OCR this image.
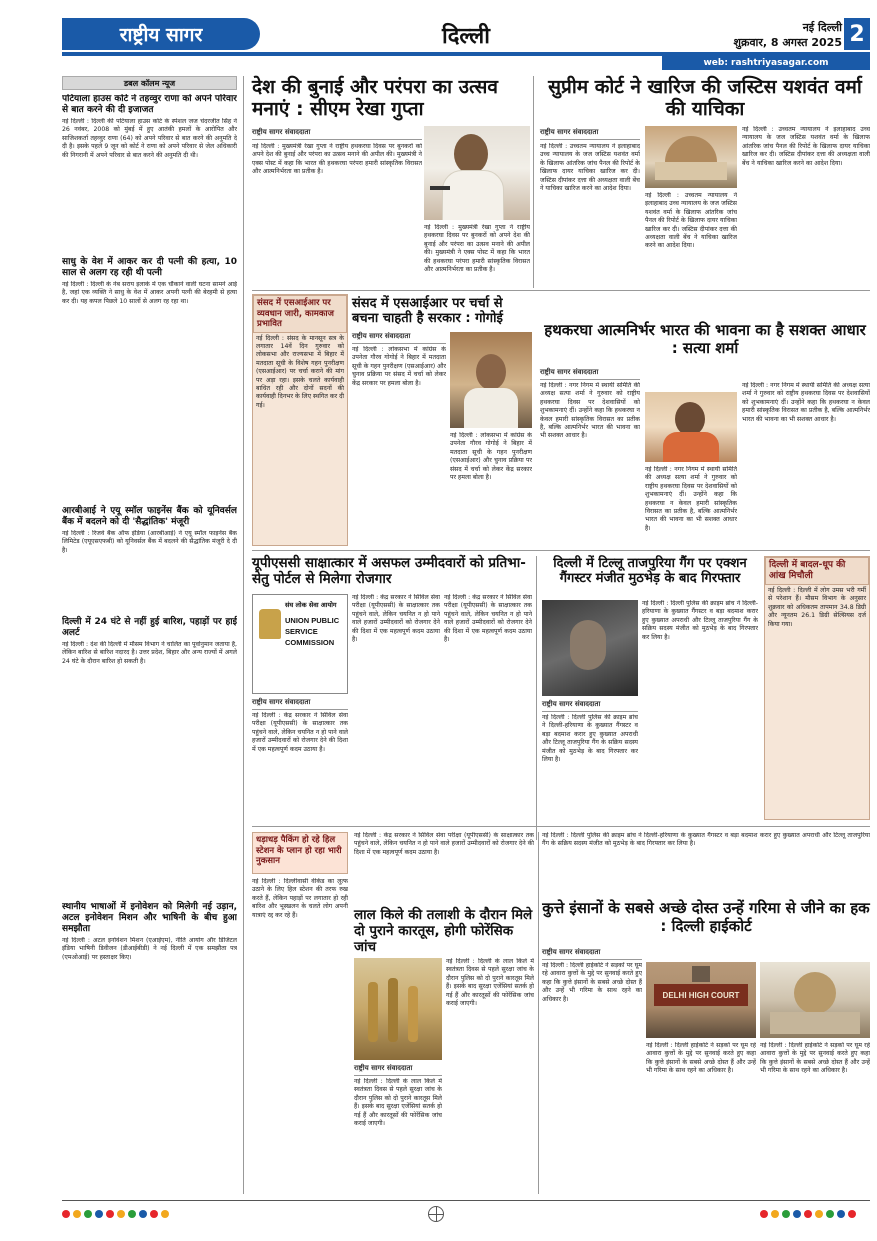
राष्ट्रीय सागर	दिल्ली	नई दिल्ली
शुक्रवार, 8 अगस्त 2025 2
web: rashtriyasagar.com
डबल कॉलम न्यूज
पटियाला हाउस कोर्ट ने तहव्वुर राणा को अपने परिवार से बात करने की दी इजाजत
नई दिल्ली : दिल्ली की पटियाला हाउस कोर्ट के स्पेशल जज चंदरजीत सिंह ने 26 नवंबर, 2008 को मुंबई में हुए आतंकी हमलों के आरोपित और साजिशकर्ता तहव्वुर राणा (64) को अपने परिवार से बात करने की अनुमति दे दी है। इसके पहले 9 जून को कोर्ट ने राणा को अपने परिवार से जेल अधिकारी की निगरानी में अपने परिवार से बात करने की अनुमति दी थी।
साधु के वेश में आकर कर दी पत्नी की हत्या, 10 साल से अलग रह रही थी पत्नी
नई दिल्ली : दिल्ली के नेब सराय इलाके में एक चौंकाने वाली घटना सामने आई है, जहां एक व्यक्ति ने साधु के वेश में आकर अपनी पत्नी की बेरहमी से हत्या कर दी। यह कपल पिछले 10 सालों से अलग रह रहा था।
आरबीआई ने एयू स्मॉल फाइनेंस बैंक को यूनिवर्सल बैंक में बदलने को दी 'सैद्धांतिक' मंजूरी
नई दिल्ली : रिजर्व बैंक ऑफ इंडिया (आरबीआई) ने एयू स्मॉल फाइनेंस बैंक लिमिटेड (एयूएसएफबी) को यूनिवर्सल बैंक में बदलने की सैद्धांतिक मंजूरी दे दी है।
दिल्ली में 24 घंटे से नहीं हुई बारिश, पहाड़ों पर हाई अलर्ट
नई दिल्ली : देश की दिल्ली में मौसम विभाग ने चालित का पूर्वानुमान जताया है, लेकिन बारिश से बारिश नदारद है। उत्तर प्रदेश, बिहार और अन्य राज्यों में अगले 24 घंटे के दौरान बारिश हो सकती है।
स्थानीय भाषाओं में इनोवेशन को मिलेगी नई उड़ान, अटल इनोवेशन मिशन और भाषिनी के बीच हुआ समझौता
नई दिल्ली : अटल इनोवेशन मिशन (एआईएम), नीति आयोग और डिजिटल इंडिया भाषिनी डिवीजन (डीआईबीडी) ने नई दिल्ली में एक समझौता पत्र (एमओआई) पर हस्ताक्षर किए।
देश की बुनाई और परंपरा का उत्सव मनाएं : सीएम रेखा गुप्ता
राष्ट्रीय सागर संवाददाता
नई दिल्ली : मुख्यमंत्री रेखा गुप्ता ने राष्ट्रीय हथकरघा दिवस पर बुनकरों को अपने देश की बुनाई और परंपरा का उत्सव मनाने की अपील की। मुख्यमंत्री ने एक्स पोस्ट में कहा कि भारत की हथकरघा परंपरा हमारी सांस्कृतिक विरासत और आत्मनिर्भरता का प्रतीक है।
नई दिल्ली : मुख्यमंत्री रेखा गुप्ता ने राष्ट्रीय हथकरघा दिवस पर बुनकरों को अपने देश की बुनाई और परंपरा का उत्सव मनाने की अपील की। मुख्यमंत्री ने एक्स पोस्ट में कहा कि भारत की हथकरघा परंपरा हमारी सांस्कृतिक विरासत और आत्मनिर्भरता का प्रतीक है।
सुप्रीम कोर्ट ने खारिज की जस्टिस यशवंत वर्मा की याचिका
राष्ट्रीय सागर संवाददाता
नई दिल्ली : उच्चतम न्यायालय ने इलाहाबाद उच्च न्यायालय के जज जस्टिस यशवंत वर्मा के खिलाफ आंतरिक जांच पैनल की रिपोर्ट के खिलाफ दायर याचिका खारिज कर दी। जस्टिस दीपांकर दत्ता की अध्यक्षता वाली बेंच ने याचिका खारिज करने का आदेश दिया।
नई दिल्ली : उच्चतम न्यायालय ने इलाहाबाद उच्च न्यायालय के जज जस्टिस यशवंत वर्मा के खिलाफ आंतरिक जांच पैनल की रिपोर्ट के खिलाफ दायर याचिका खारिज कर दी। जस्टिस दीपांकर दत्ता की अध्यक्षता वाली बेंच ने याचिका खारिज करने का आदेश दिया।
नई दिल्ली : उच्चतम न्यायालय ने इलाहाबाद उच्च न्यायालय के जज जस्टिस यशवंत वर्मा के खिलाफ आंतरिक जांच पैनल की रिपोर्ट के खिलाफ दायर याचिका खारिज कर दी। जस्टिस दीपांकर दत्ता की अध्यक्षता वाली बेंच ने याचिका खारिज करने का आदेश दिया।
संसद में एसआईआर पर व्यवधान जारी, कामकाज प्रभावित
नई दिल्ली : संसद के मानसून सत्र के लगातार 14वें दिन गुरुवार को लोकसभा और राज्यसभा में बिहार में मतदाता सूची के विशेष गहन पुनरीक्षण (एसआईआर) पर चर्चा कराने की मांग पर अड़ा रहा। इसके चलते कार्यवाही बाधित रही और दोनों सदनों की कार्यवाही दिनभर के लिए स्थगित कर दी गई।
संसद में एसआईआर पर चर्चा से बचना चाहती है सरकार : गोगोई
राष्ट्रीय सागर संवाददाता
नई दिल्ली : लोकसभा में कांग्रेस के उपनेता गौरव गोगोई ने बिहार में मतदाता सूची के गहन पुनरीक्षण (एसआईआर) और चुनाव प्रक्रिया पर संसद में चर्चा को लेकर केंद्र सरकार पर हमला बोला है।
नई दिल्ली : लोकसभा में कांग्रेस के उपनेता गौरव गोगोई ने बिहार में मतदाता सूची के गहन पुनरीक्षण (एसआईआर) और चुनाव प्रक्रिया पर संसद में चर्चा को लेकर केंद्र सरकार पर हमला बोला है।
हथकरघा आत्मनिर्भर भारत की भावना का है सशक्त आधार : सत्या शर्मा
राष्ट्रीय सागर संवाददाता
नई दिल्ली : नगर निगम में स्थायी समिति की अध्यक्ष सत्या शर्मा ने गुरुवार को राष्ट्रीय हथकरघा दिवस पर देशवासियों को शुभकामनाएं दीं। उन्होंने कहा कि हथकरघा न केवल हमारी सांस्कृतिक विरासत का प्रतीक है, बल्कि आत्मनिर्भर भारत की भावना का भी सशक्त आधार है।
नई दिल्ली : नगर निगम में स्थायी समिति की अध्यक्ष सत्या शर्मा ने गुरुवार को राष्ट्रीय हथकरघा दिवस पर देशवासियों को शुभकामनाएं दीं। उन्होंने कहा कि हथकरघा न केवल हमारी सांस्कृतिक विरासत का प्रतीक है, बल्कि आत्मनिर्भर भारत की भावना का भी सशक्त आधार है।
नई दिल्ली : नगर निगम में स्थायी समिति की अध्यक्ष सत्या शर्मा ने गुरुवार को राष्ट्रीय हथकरघा दिवस पर देशवासियों को शुभकामनाएं दीं। उन्होंने कहा कि हथकरघा न केवल हमारी सांस्कृतिक विरासत का प्रतीक है, बल्कि आत्मनिर्भर भारत की भावना का भी सशक्त आधार है।
यूपीएससी साक्षात्कार में असफल उम्मीदवारों को प्रतिभा-सेतु पोर्टल से मिलेगा रोजगार
संघ लोक सेवा आयोग
UNION PUBLIC SERVICE COMMISSION
राष्ट्रीय सागर संवाददाता
नई दिल्ली : केंद्र सरकार ने सिविल सेवा परीक्षा (यूपीएससी) के साक्षात्कार तक पहुंचने वाले, लेकिन चयनित न हो पाने वाले हजारों उम्मीदवारों को रोजगार देने की दिशा में एक महत्वपूर्ण कदम उठाया है।
नई दिल्ली : केंद्र सरकार ने सिविल सेवा परीक्षा (यूपीएससी) के साक्षात्कार तक पहुंचने वाले, लेकिन चयनित न हो पाने वाले हजारों उम्मीदवारों को रोजगार देने की दिशा में एक महत्वपूर्ण कदम उठाया है।
नई दिल्ली : केंद्र सरकार ने सिविल सेवा परीक्षा (यूपीएससी) के साक्षात्कार तक पहुंचने वाले, लेकिन चयनित न हो पाने वाले हजारों उम्मीदवारों को रोजगार देने की दिशा में एक महत्वपूर्ण कदम उठाया है।
दिल्ली में टिल्लू ताजपुरिया गैंग पर एक्शन गैंगस्टर मंजीत मुठभेड़ के बाद गिरफ्तार
राष्ट्रीय सागर संवाददाता
नई दिल्ली : दिल्ली पुलिस की क्राइम ब्रांच ने दिल्ली-हरियाणा के कुख्यात गैंगस्टर व बड़ा बदमाश करार हुए कुख्यात अपराधी और टिल्लू ताजपुरिया गैंग के सक्रिय सदस्य मंजीत को मुठभेड़ के बाद गिरफ्तार कर लिया है।
नई दिल्ली : दिल्ली पुलिस की क्राइम ब्रांच ने दिल्ली-हरियाणा के कुख्यात गैंगस्टर व बड़ा बदमाश करार हुए कुख्यात अपराधी और टिल्लू ताजपुरिया गैंग के सक्रिय सदस्य मंजीत को मुठभेड़ के बाद गिरफ्तार कर लिया है।
दिल्ली में बादल-धूप की आंख मिचौली
नई दिल्ली : दिल्ली में लोग उमस भरी गर्मी से परेशान हैं। मौसम विभाग के अनुसार शुक्रवार को अधिकतम तापमान 34.8 डिग्री और न्यूनतम 26.1 डिग्री सेल्सियस दर्ज किया गया।
धड़ाधड़ पैकिंग हो रहे हिल स्टेशन के प्लान हो रहा भारी नुकसान
नई दिल्ली : दिल्लीवासी वीकेंड का लुत्फ उठाने के लिए हिल स्टेशन की तरफ रुख करते हैं, लेकिन पहाड़ों पर लगातार हो रही बारिश और भूस्खलन के चलते लोग अपनी यात्राएं रद्द कर रहे हैं।	लाल किले की तलाशी के दौरान मिले दो पुराने कारतूस, होगी फोरेंसिक जांच
राष्ट्रीय सागर संवाददाता
नई दिल्ली : दिल्ली के लाल किले में स्वतंत्रता दिवस से पहले सुरक्षा जांच के दौरान पुलिस को दो पुराने कारतूस मिले हैं। इसके बाद सुरक्षा एजेंसियां सतर्क हो गई हैं और कारतूसों की फोरेंसिक जांच कराई जाएगी।
नई दिल्ली : दिल्ली के लाल किले में स्वतंत्रता दिवस से पहले सुरक्षा जांच के दौरान पुलिस को दो पुराने कारतूस मिले हैं। इसके बाद सुरक्षा एजेंसियां सतर्क हो गई हैं और कारतूसों की फोरेंसिक जांच कराई जाएगी।
नई दिल्ली : केंद्र सरकार ने सिविल सेवा परीक्षा (यूपीएससी) के साक्षात्कार तक पहुंचने वाले, लेकिन चयनित न हो पाने वाले हजारों उम्मीदवारों को रोजगार देने की दिशा में एक महत्वपूर्ण कदम उठाया है।
नई दिल्ली : दिल्ली पुलिस की क्राइम ब्रांच ने दिल्ली-हरियाणा के कुख्यात गैंगस्टर व बड़ा बदमाश करार हुए कुख्यात अपराधी और टिल्लू ताजपुरिया गैंग के सक्रिय सदस्य मंजीत को मुठभेड़ के बाद गिरफ्तार कर लिया है।
कुत्ते इंसानों के सबसे अच्छे दोस्त उन्हें गरिमा से जीने का हक : दिल्ली हाईकोर्ट
राष्ट्रीय सागर संवाददाता
नई दिल्ली : दिल्ली हाईकोर्ट ने सड़कों पर घूम रहे आवारा कुत्तों के मुद्दे पर सुनवाई करते हुए कहा कि कुत्ते इंसानों के सबसे अच्छे दोस्त हैं और उन्हें भी गरिमा के साथ रहने का अधिकार है।	DELHI HIGH COURT
नई दिल्ली : दिल्ली हाईकोर्ट ने सड़कों पर घूम रहे आवारा कुत्तों के मुद्दे पर सुनवाई करते हुए कहा कि कुत्ते इंसानों के सबसे अच्छे दोस्त हैं और उन्हें भी गरिमा के साथ रहने का अधिकार है।
नई दिल्ली : दिल्ली हाईकोर्ट ने सड़कों पर घूम रहे आवारा कुत्तों के मुद्दे पर सुनवाई करते हुए कहा कि कुत्ते इंसानों के सबसे अच्छे दोस्त हैं और उन्हें भी गरिमा के साथ रहने का अधिकार है।
